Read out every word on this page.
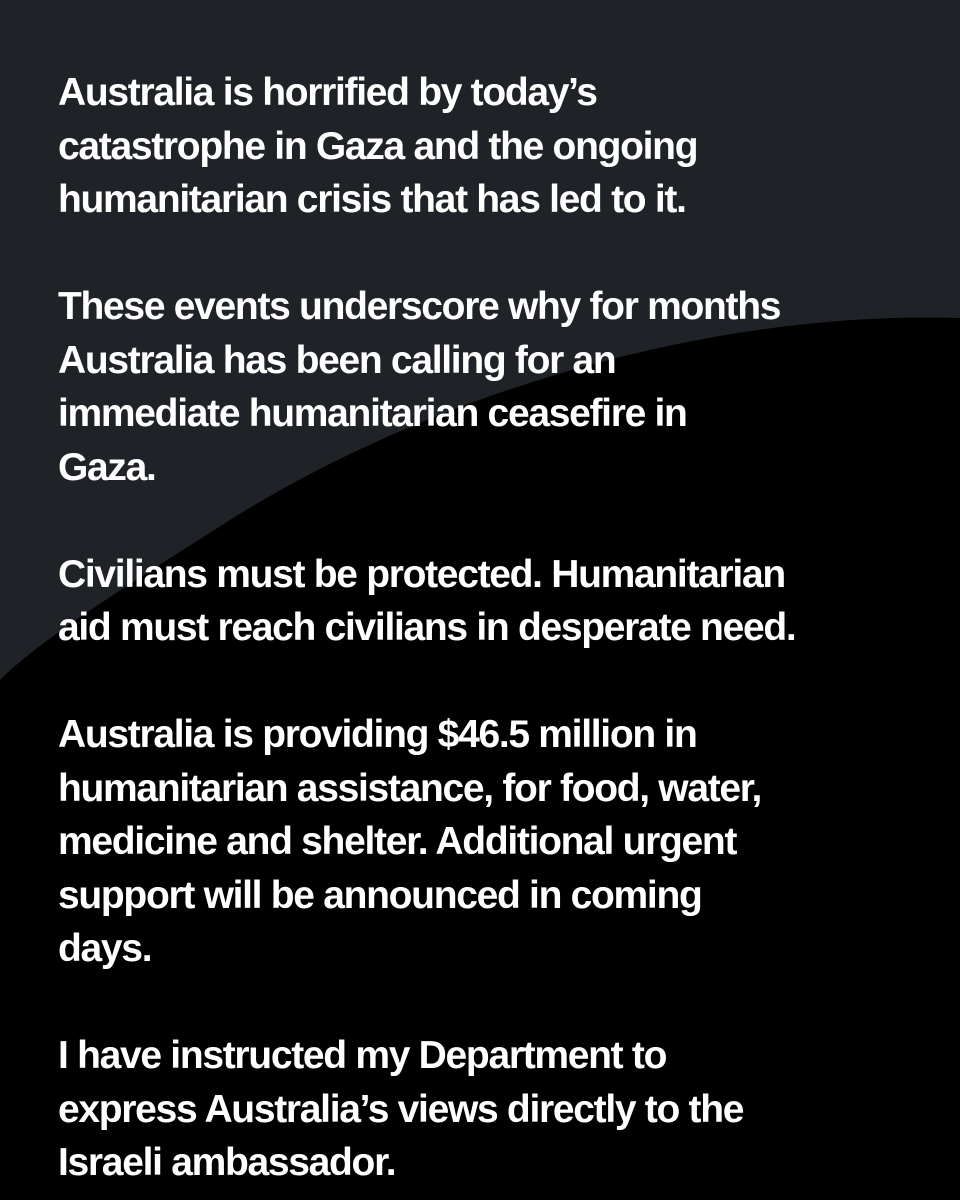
Australia is horrified by today’s
catastrophe in Gaza and the ongoing
humanitarian crisis that has led to it.

These events underscore why for months
Australia has been calling for an
immediate humanitarian ceasefire in
Gaza.

Civilians must be protected. Humanitarian
aid must reach civilians in desperate need.

Australia is providing $46.5 million in
humanitarian assistance, for food, water,
medicine and shelter. Additional urgent
support will be announced in coming
days.

I have instructed my Department to
express Australia’s views directly to the
Israeli ambassador.
